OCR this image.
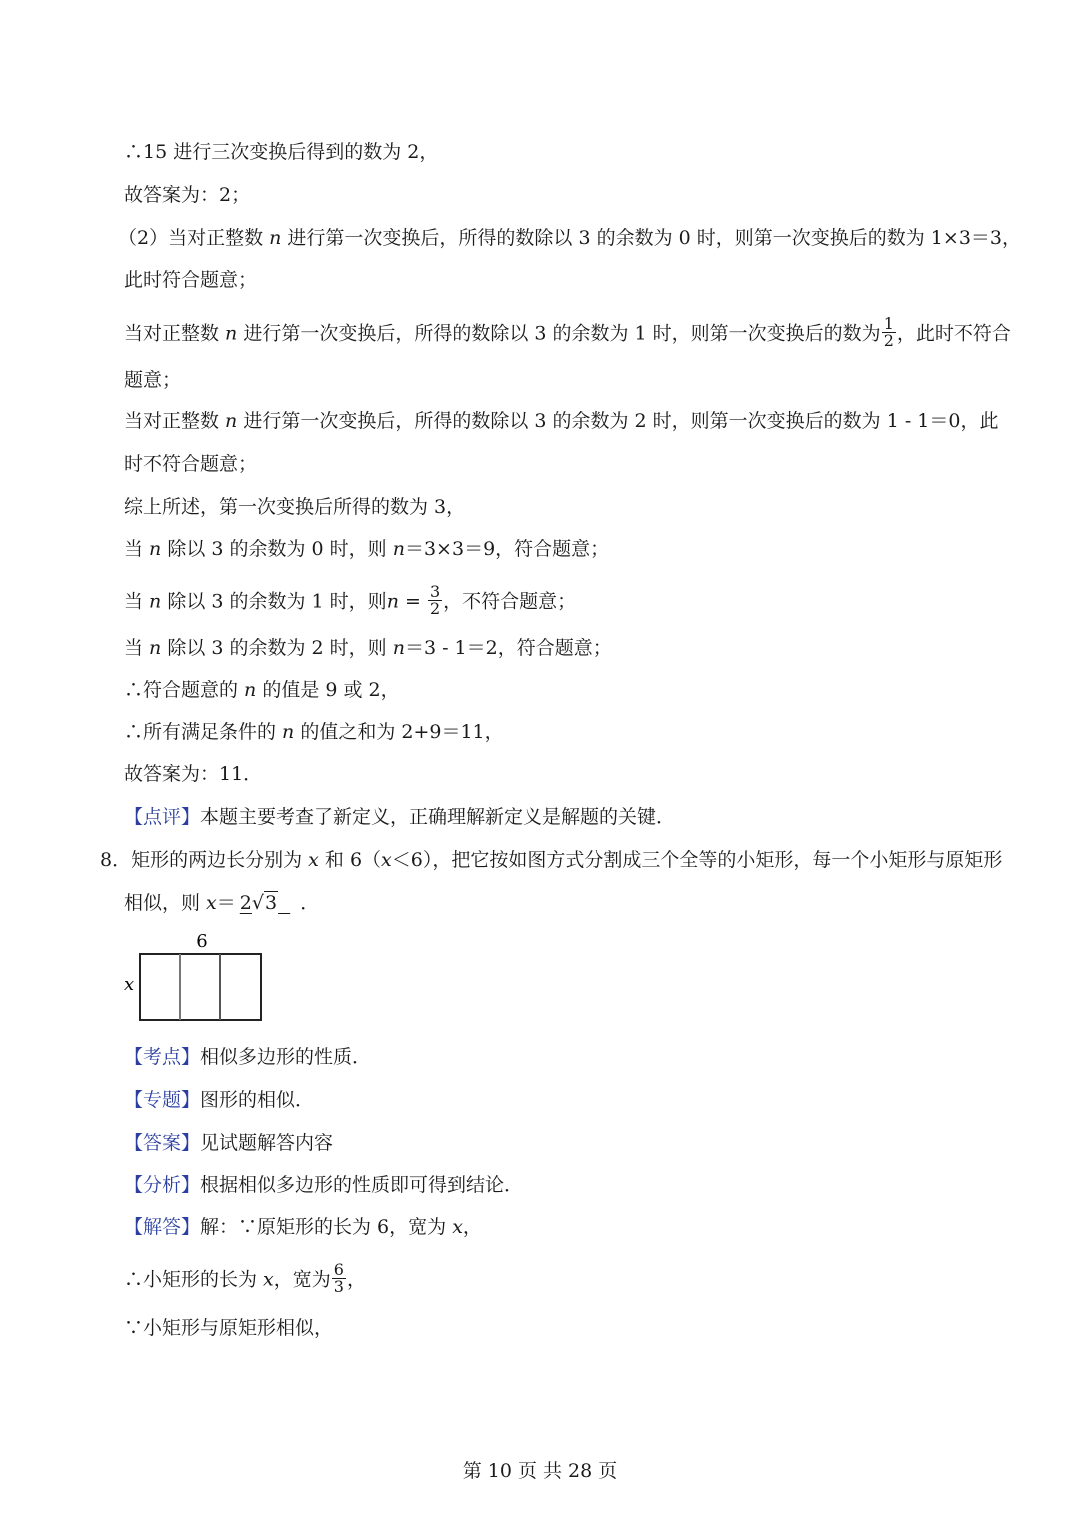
∴15 进行三次变换后得到的数为 2，
故答案为：2；
（2）当对正整数 n 进行第一次变换后，所得的数除以 3 的余数为 0 时，则第一次变换后的数为 1×3＝3，
此时符合题意；
当对正整数 n 进行第一次变换后，所得的数除以 3 的余数为 1 时，则第一次变换后的数为 $\frac{1}{2}$ ，此时不符合
题意；
当对正整数 n 进行第一次变换后，所得的数除以 3 的余数为 2 时，则第一次变换后的数为 1 - 1＝0，此
时不符合题意；
综上所述，第一次变换后所得的数为 3，
当 n 除以 3 的余数为 0 时，则 n＝3×3＝9，符合题意；
当 n 除以 3 的余数为 1 时，则$n = \frac{3}{2}$ ，不符合题意；
当 n 除以 3 的余数为 2 时，则 n＝3 - 1＝2，符合题意；
∴符合题意的 n 的值是 9 或 2，
∴所有满足条件的 n 的值之和为 2+9＝11，
故答案为：11．
【点评】本题主要考查了新定义，正确理解新定义是解题的关键．
8．矩形的两边长分别为 x 和 6（x＜6），把它按如图方式分割成三个全等的小矩形，每一个小矩形与原矩形
相似，则 x＝ 2√3   ．
6
x
【考点】相似多边形的性质．
【专题】图形的相似．
【答案】见试题解答内容
【分析】根据相似多边形的性质即可得到结论．
【解答】解：∵原矩形的长为 6，宽为 x，
∴小矩形的长为 x，宽为 $\frac{6}{3}$ ，
∵小矩形与原矩形相似，
第 10 页 共 28 页
